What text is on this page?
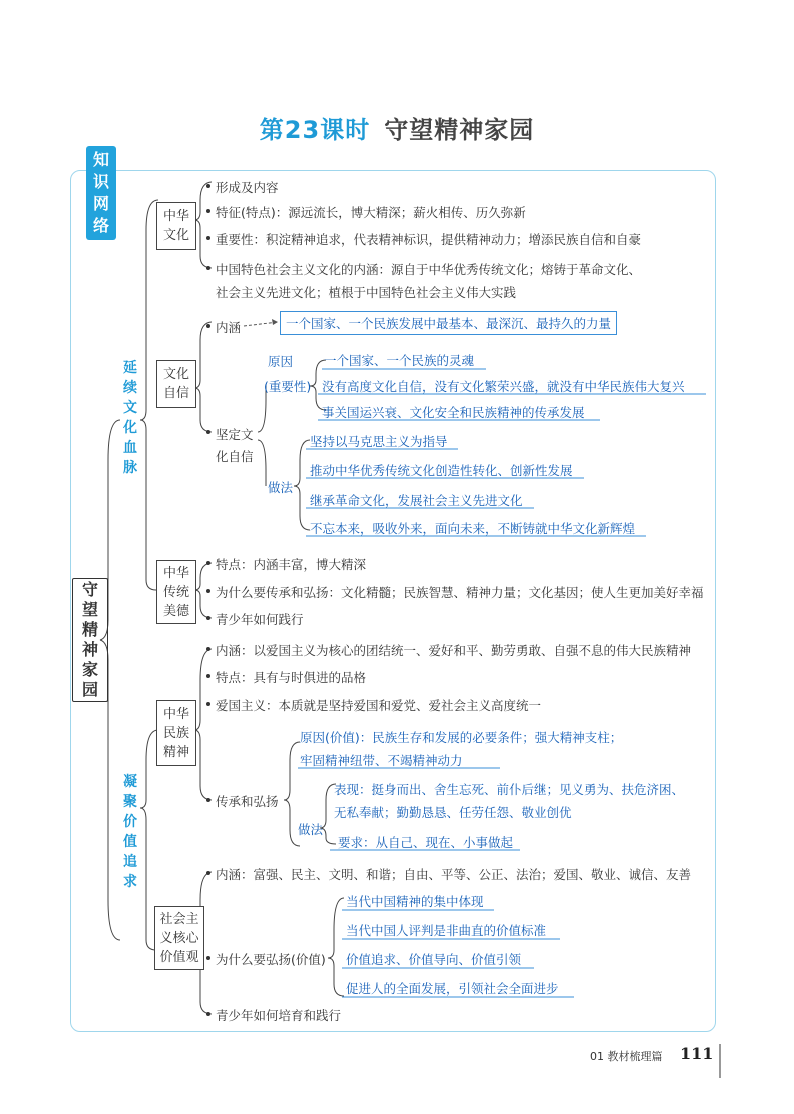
第23课时 守望精神家园
知识网络
守望精神家园
延续文化血脉
凝聚价值追求
中华文化
形成及内容
特征(特点)：源远流长，博大精深；薪火相传、历久弥新
重要性：积淀精神追求，代表精神标识，提供精神动力；增添民族自信和自豪
中国特色社会主义文化的内涵：源自于中华优秀传统文化；熔铸于革命文化、
社会主义先进文化；植根于中国特色社会主义伟大实践
文化自信
内涵	一个国家、一个民族发展中最基本、最深沉、最持久的力量
坚定文化自信
原因
(重要性)
一个国家、一个民族的灵魂
没有高度文化自信，没有文化繁荣兴盛，就没有中华民族伟大复兴
事关国运兴衰、文化安全和民族精神的传承发展
做法
坚持以马克思主义为指导
推动中华优秀传统文化创造性转化、创新性发展
继承革命文化，发展社会主义先进文化
不忘本来，吸收外来，面向未来，不断铸就中华文化新辉煌
中华传统美德
特点：内涵丰富，博大精深
为什么要传承和弘扬：文化精髓；民族智慧、精神力量；文化基因；使人生更加美好幸福
青少年如何践行
中华民族精神
内涵：以爱国主义为核心的团结统一、爱好和平、勤劳勇敢、自强不息的伟大民族精神
特点：具有与时俱进的品格
爱国主义：本质就是坚持爱国和爱党、爱社会主义高度统一
传承和弘扬
原因(价值)：民族生存和发展的必要条件；强大精神支柱；
牢固精神纽带、不竭精神动力
做法
表现：挺身而出、舍生忘死、前仆后继；见义勇为、扶危济困、
无私奉献；勤勤恳恳、任劳任怨、敬业创优
要求：从自己、现在、小事做起
社会主义核心价值观
内涵：富强、民主、文明、和谐；自由、平等、公正、法治；爱国、敬业、诚信、友善
为什么要弘扬(价值)
当代中国精神的集中体现
当代中国人评判是非曲直的价值标准
价值追求、价值导向、价值引领
促进人的全面发展，引领社会全面进步
青少年如何培育和践行
01 教材梳理篇 111
